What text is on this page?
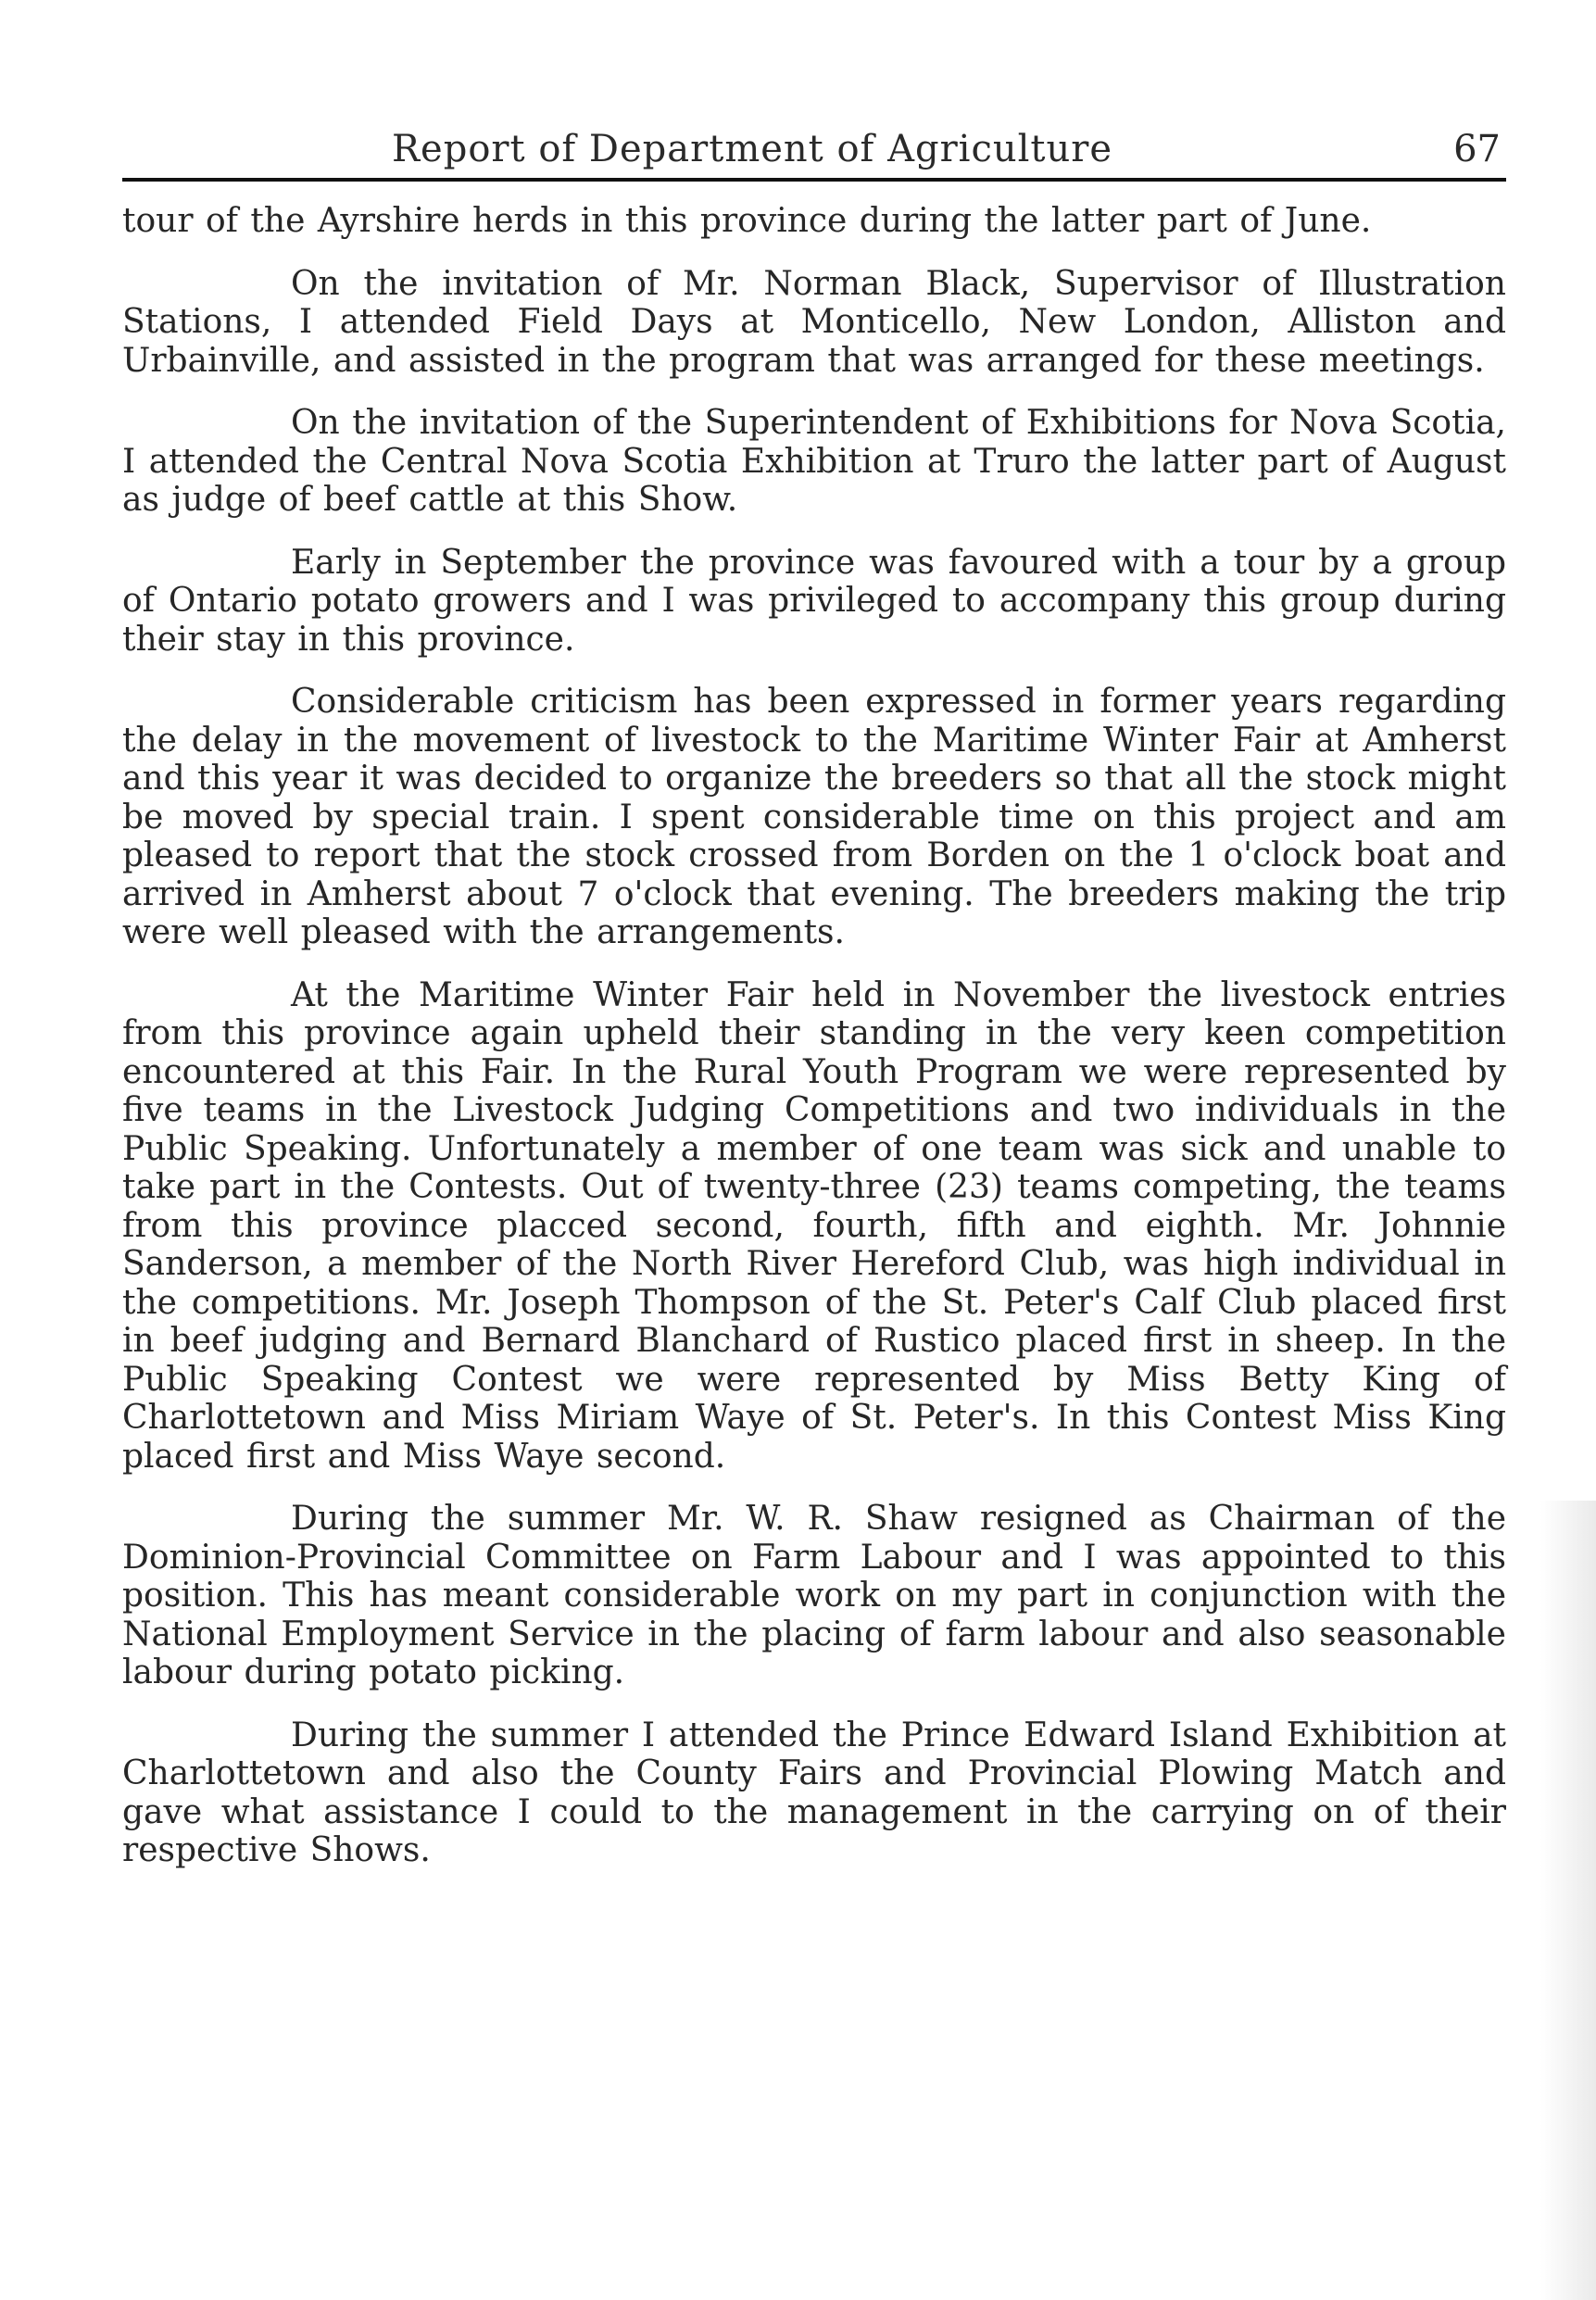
Report of Department of Agriculture	67

tour of the Ayrshire herds in this province during the latter part of June.

On the invitation of Mr. Norman Black, Supervisor of Illustration Stations, I attended Field Days at Monticello, New London, Alliston and Urbainville, and assisted in the program that was arranged for these meetings.

On the invitation of the Superintendent of Exhibitions for Nova Scotia, I attended the Central Nova Scotia Exhibition at Truro the latter part of August as judge of beef cattle at this Show.

Early in September the province was favoured with a tour by a group of Ontario potato growers and I was privileged to accompany this group during their stay in this province.

Considerable criticism has been expressed in former years regarding the delay in the movement of livestock to the Maritime Winter Fair at Amherst and this year it was decided to organize the breeders so that all the stock might be moved by special train. I spent considerable time on this project and am pleased to report that the stock crossed from Borden on the 1 o'clock boat and arrived in Amherst about 7 o'clock that evening. The breeders making the trip were well pleased with the arrangements.

At the Maritime Winter Fair held in November the livestock entries from this province again upheld their standing in the very keen competition encountered at this Fair. In the Rural Youth Program we were represented by five teams in the Livestock Judging Competitions and two individuals in the Public Speaking. Unfortunately a member of one team was sick and unable to take part in the Contests. Out of twenty-three (23) teams competing, the teams from this province placced second, fourth, fifth and eighth. Mr. Johnnie Sanderson, a member of the North River Hereford Club, was high individual in the competitions. Mr. Joseph Thompson of the St. Peter's Calf Club placed first in beef judging and Bernard Blanchard of Rustico placed first in sheep. In the Public Speaking Contest we were represented by Miss Betty King of Charlottetown and Miss Miriam Waye of St. Peter's. In this Contest Miss King placed first and Miss Waye second.

During the summer Mr. W. R. Shaw resigned as Chairman of the Dominion-Provincial Committee on Farm Labour and I was appointed to this position. This has meant considerable work on my part in conjunction with the National Employment Service in the placing of farm labour and also seasonable labour during potato picking.

During the summer I attended the Prince Edward Island Exhibition at Charlottetown and also the County Fairs and Provincial Plowing Match and gave what assistance I could to the management in the carrying on of their respective Shows.
